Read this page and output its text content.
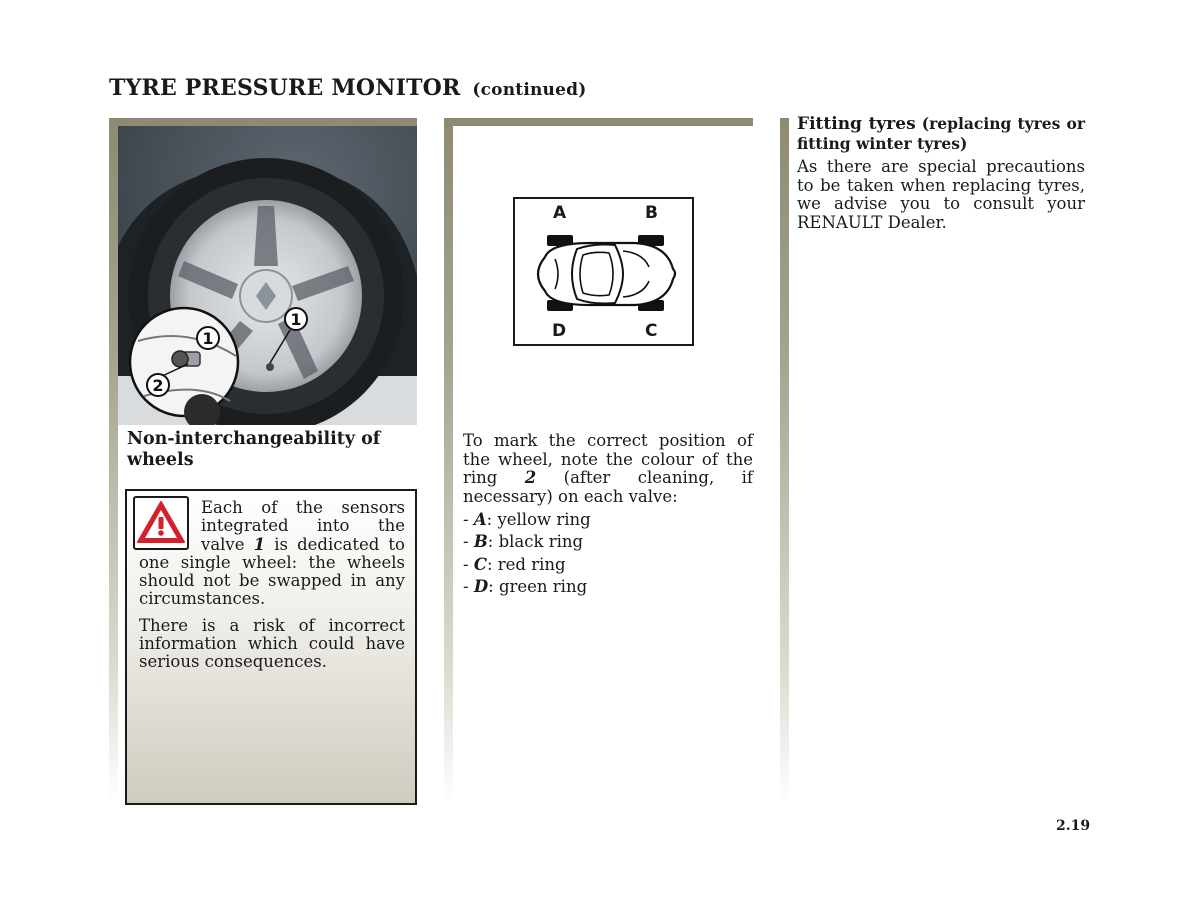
TYRE PRESSURE MONITOR (continued)
1
1
2
Non-interchangeability of wheels

Each of the sensors integrated into the valve 1 is dedicated to one single wheel: the wheels should not be swapped in any circumstances.

There is a risk of incorrect information which could have serious consequences.

A	B
D	C

To mark the correct position of the wheel, note the colour of the ring 2 (after cleaning, if necessary) on each valve:

- A: yellow ring
- B: black ring
- C: red ring
- D: green ring
Fitting tyres (replacing tyres or fitting winter tyres)

As there are special precautions to be taken when replacing tyres, we advise you to consult your RENAULT Dealer.

2.19
